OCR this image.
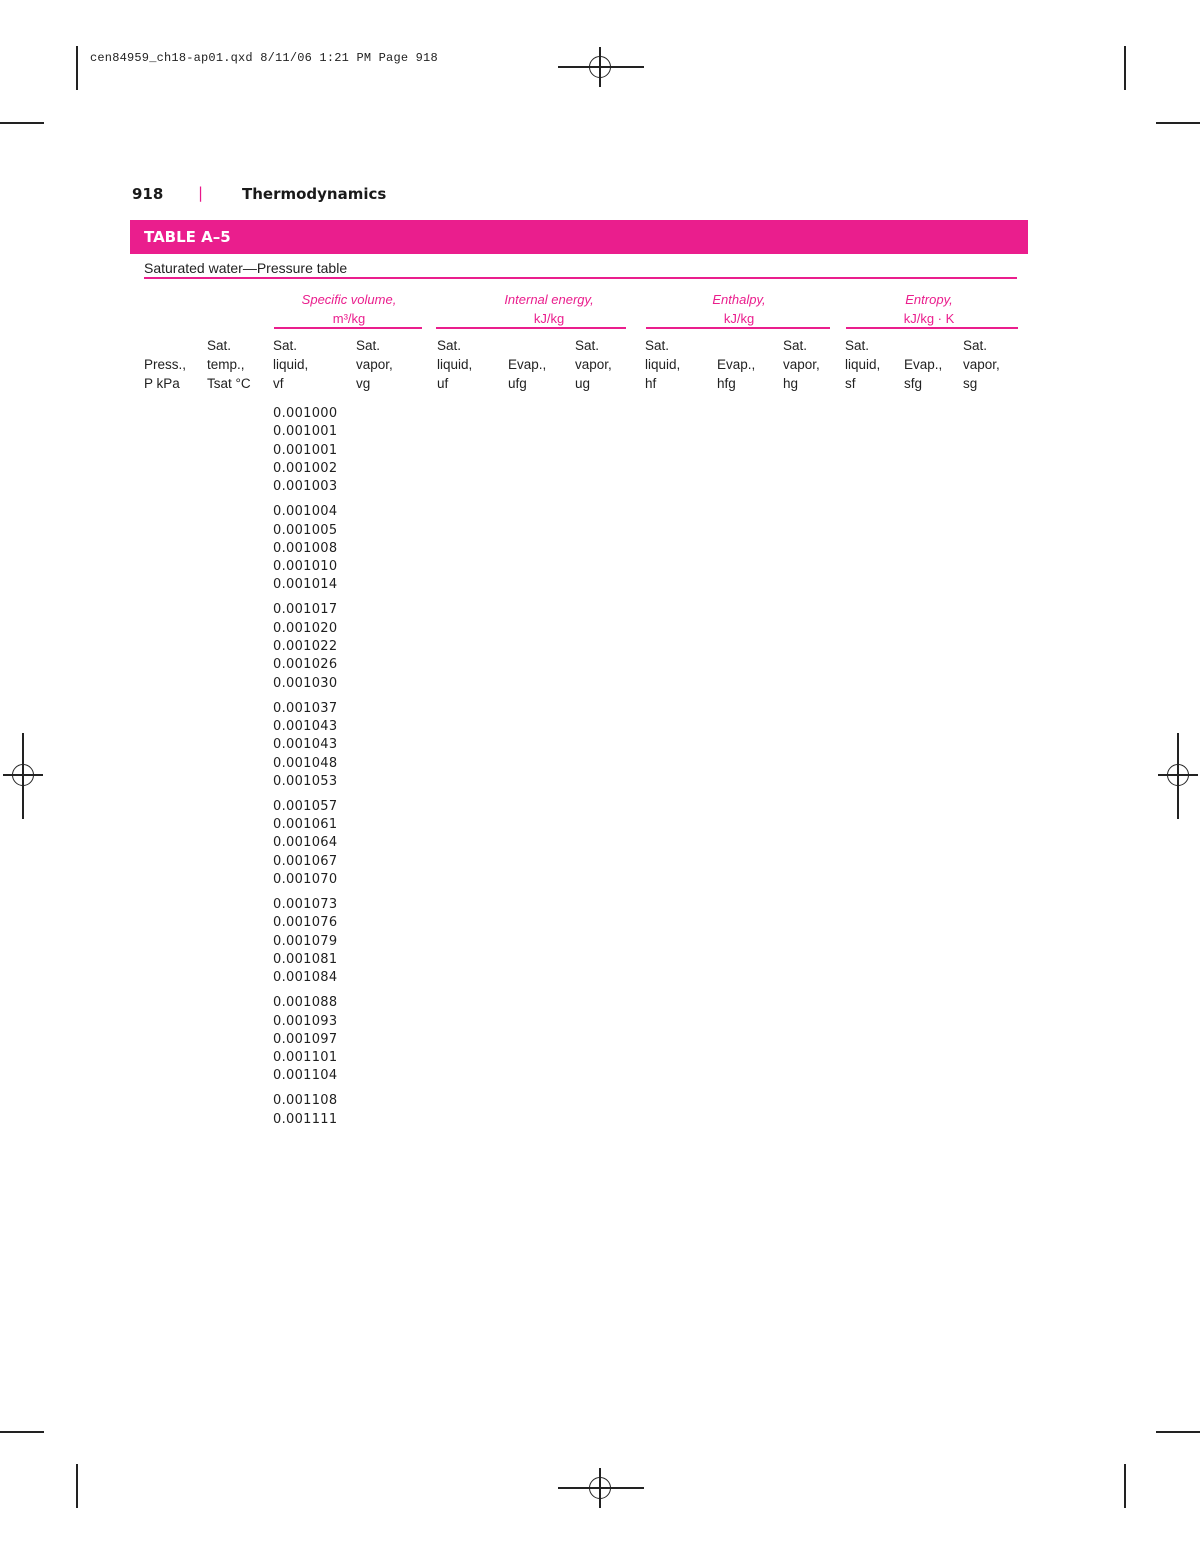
cen84959_ch18-ap01.qxd 8/11/06 1:21 PM Page 918
918 |	Thermodynamics
TABLE A–5
Saturated water—Pressure table
Specific volume,
m³/kg
Internal energy,
kJ/kg
Enthalpy,
kJ/kg
Entropy,
kJ/kg · K

Press.,
P kPa
Sat.
temp.,
Tsat °C
Sat.
liquid,
vf
Sat.
vapor,
vg
Sat.
liquid,
uf

Evap.,
ufg
Sat.
vapor,
ug
Sat.
liquid,
hf

Evap.,
hfg
Sat.
vapor,
hg
Sat.
liquid,
sf

Evap.,
sfg
Sat.
vapor,
sg
0.001000
0.001001
0.001001
0.001002
0.001003
0.001004
0.001005
0.001008
0.001010
0.001014
0.001017
0.001020
0.001022
0.001026
0.001030
0.001037
0.001043
0.001043
0.001048
0.001053
0.001057
0.001061
0.001064
0.001067
0.001070
0.001073
0.001076
0.001079
0.001081
0.001084
0.001088
0.001093
0.001097
0.001101
0.001104
0.001108
0.001111
